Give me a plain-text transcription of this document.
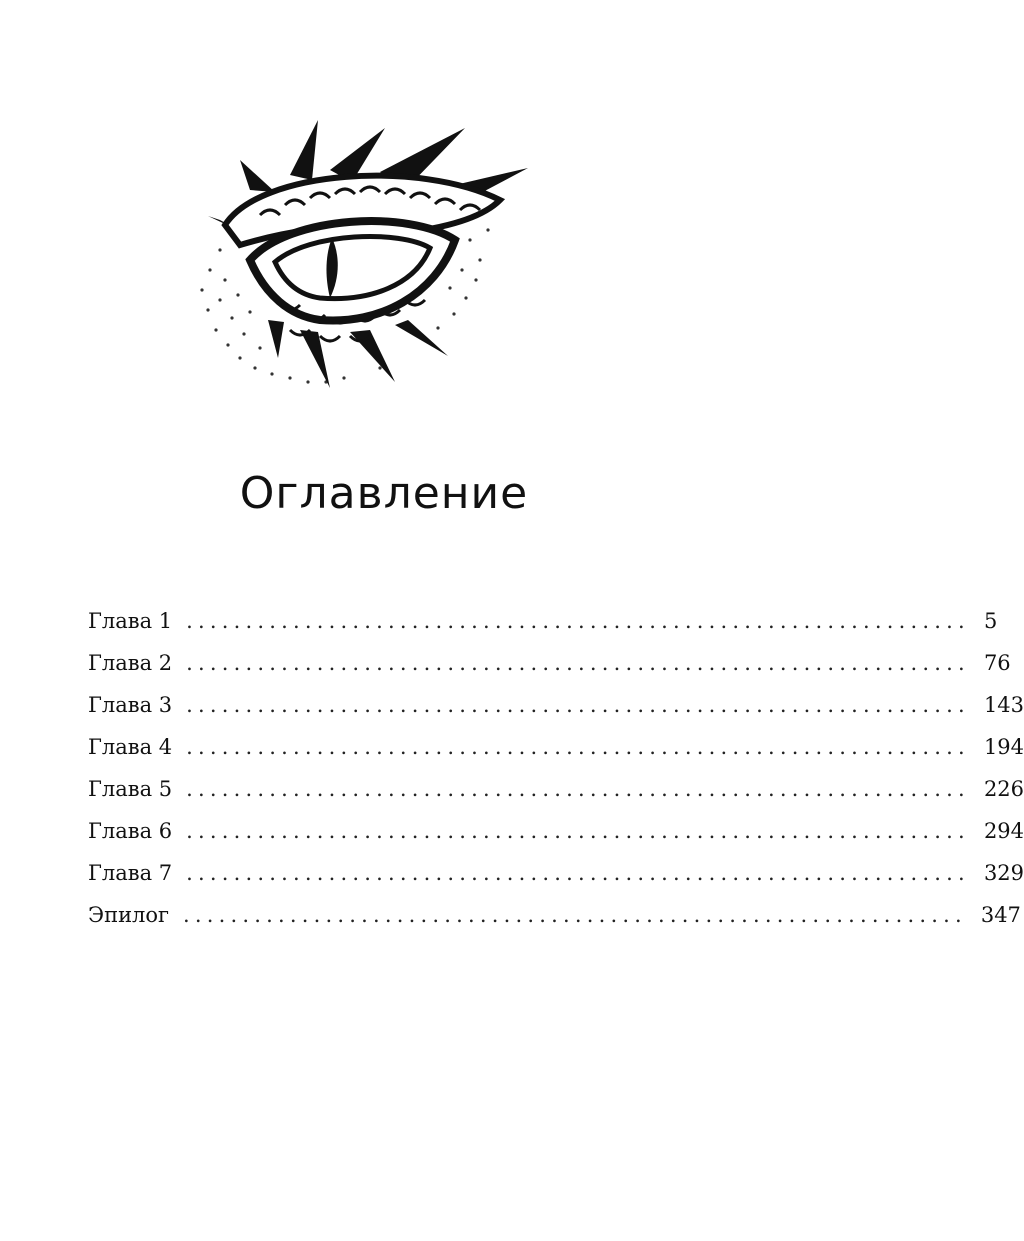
Оглавление
Глава 1 .................................................................. 5
Глава 2 .................................................................. 76
Глава 3 .................................................................. 143
Глава 4 .................................................................. 194
Глава 5 .................................................................. 226
Глава 6 .................................................................. 294
Глава 7 .................................................................. 329
Эпилог .................................................................. 347
